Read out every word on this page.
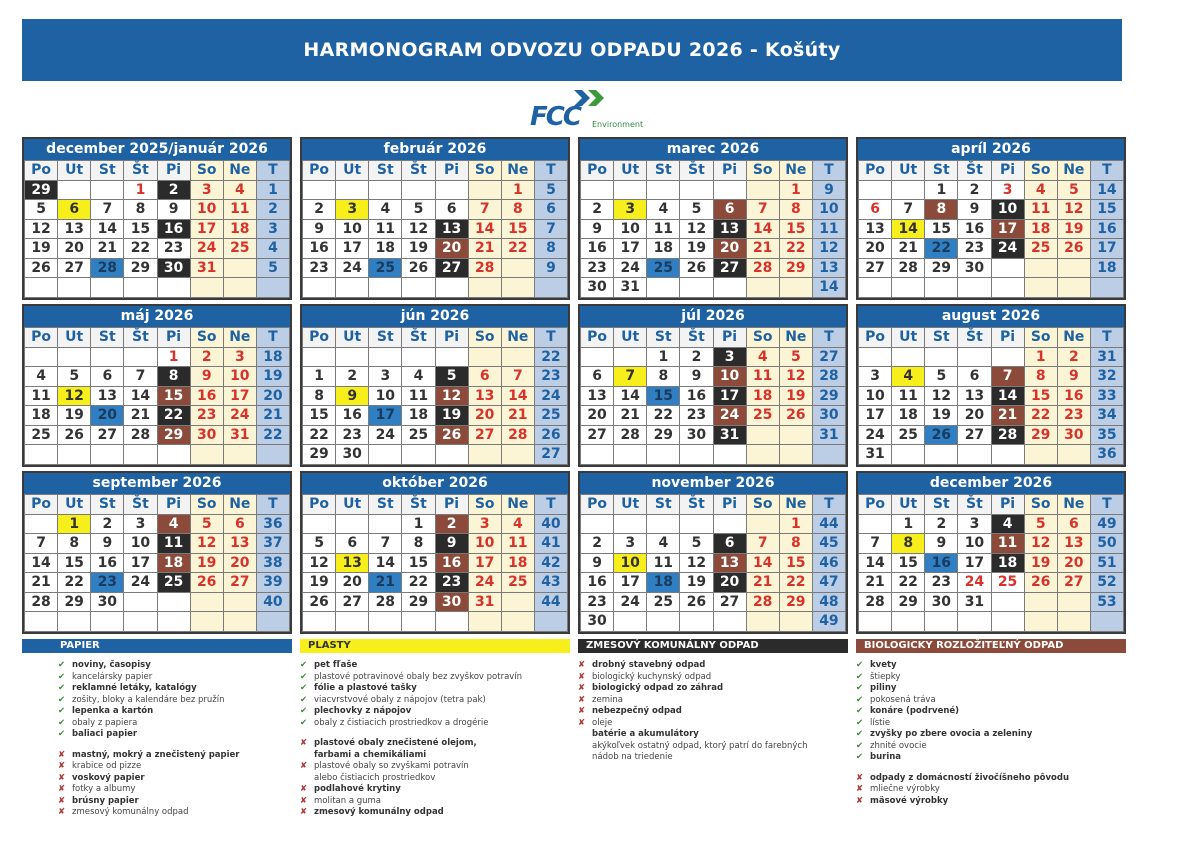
HARMONOGRAM ODVOZU ODPADU 2026 - Košúty
FCC Environment
december 2025/január 2026
Po	Ut	St	Št	Pi	So	Ne	T
29			1	2	3	4	1
5	6	7	8	9	10	11	2
12	13	14	15	16	17	18	3
19	20	21	22	23	24	25	4
26	27	28	29	30	31		5

február 2026
Po	Ut	St	Št	Pi	So	Ne	T
						1	5
2	3	4	5	6	7	8	6
9	10	11	12	13	14	15	7
16	17	18	19	20	21	22	8
23	24	25	26	27	28		9

marec 2026
Po	Ut	St	Št	Pi	So	Ne	T
						1	9
2	3	4	5	6	7	8	10
9	10	11	12	13	14	15	11
16	17	18	19	20	21	22	12
23	24	25	26	27	28	29	13
30	31						14
apríl 2026
Po	Ut	St	Št	Pi	So	Ne	T
		1	2	3	4	5	14
6	7	8	9	10	11	12	15
13	14	15	16	17	18	19	16
20	21	22	23	24	25	26	17
27	28	29	30				18

máj 2026
Po	Ut	St	Št	Pi	So	Ne	T
				1	2	3	18
4	5	6	7	8	9	10	19
11	12	13	14	15	16	17	20
18	19	20	21	22	23	24	21
25	26	27	28	29	30	31	22

jún 2026
Po	Ut	St	Št	Pi	So	Ne	T
							22
1	2	3	4	5	6	7	23
8	9	10	11	12	13	14	24
15	16	17	18	19	20	21	25
22	23	24	25	26	27	28	26
29	30						27
júl 2026
Po	Ut	St	Št	Pi	So	Ne	T
		1	2	3	4	5	27
6	7	8	9	10	11	12	28
13	14	15	16	17	18	19	29
20	21	22	23	24	25	26	30
27	28	29	30	31			31

august 2026
Po	Ut	St	Št	Pi	So	Ne	T
					1	2	31
3	4	5	6	7	8	9	32
10	11	12	13	14	15	16	33
17	18	19	20	21	22	23	34
24	25	26	27	28	29	30	35
31							36
september 2026
Po	Ut	St	Št	Pi	So	Ne	T
	1	2	3	4	5	6	36
7	8	9	10	11	12	13	37
14	15	16	17	18	19	20	38
21	22	23	24	25	26	27	39
28	29	30					40

október 2026
Po	Ut	St	Št	Pi	So	Ne	T
			1	2	3	4	40
5	6	7	8	9	10	11	41
12	13	14	15	16	17	18	42
19	20	21	22	23	24	25	43
26	27	28	29	30	31		44

november 2026
Po	Ut	St	Št	Pi	So	Ne	T
						1	44
2	3	4	5	6	7	8	45
9	10	11	12	13	14	15	46
16	17	18	19	20	21	22	47
23	24	25	26	27	28	29	48
30							49
december 2026
Po	Ut	St	Št	Pi	So	Ne	T
	1	2	3	4	5	6	49
7	8	9	10	11	12	13	50
14	15	16	17	18	19	20	51
21	22	23	24	25	26	27	52
28	29	30	31				53

PAPIER
✔ noviny, časopisy
✔ kancelársky papier
✔ reklamné letáky, katalógy
✔ zošity, bloky a kalendáre bez pružín
✔ lepenka a kartón
✔ obaly z papiera
✔ baliaci papier
✘ mastný, mokrý a znečistený papier
✘ krabice od pizze
✘ voskový papier
✘ fotky a albumy
✘ brúsny papier
✘ zmesový komunálny odpad
PLASTY
✔ pet fľaše
✔ plastové potravinové obaly bez zvyškov potravín
✔ fólie a plastové tašky
✔ viacvrstvové obaly z nápojov (tetra pak)
✔ plechovky z nápojov
✔ obaly z čistiacich prostriedkov a drogérie
✘ plastové obaly znečistené olejom,
farbami a chemikáliami
✘ plastové obaly so zvyškami potravín
alebo čistiacich prostriedkov
✘ podlahové krytiny
✘ molitan a guma
✘ zmesový komunálny odpad
ZMESOVÝ KOMUNÁLNY ODPAD
✘ drobný stavebný odpad
✘ biologický kuchynský odpad
✘ biologický odpad zo záhrad
✘ zemina
✘ nebezpečný odpad
✘ oleje
batérie a akumulátory
akýkoľvek ostatný odpad, ktorý patrí do farebných
nádob na triedenie
BIOLOGICKY ROZLOŽITEĽNÝ ODPAD
✔ kvety
✔ štiepky
✔ piliny
✔ pokosená tráva
✔ konáre (podrvené)
✔ lístie
✔ zvyšky po zbere ovocia a zeleniny
✔ zhnité ovocie
✔ burina
✘ odpady z domácností živočíšneho pôvodu
✘ mliečne výrobky
✘ mäsové výrobky
